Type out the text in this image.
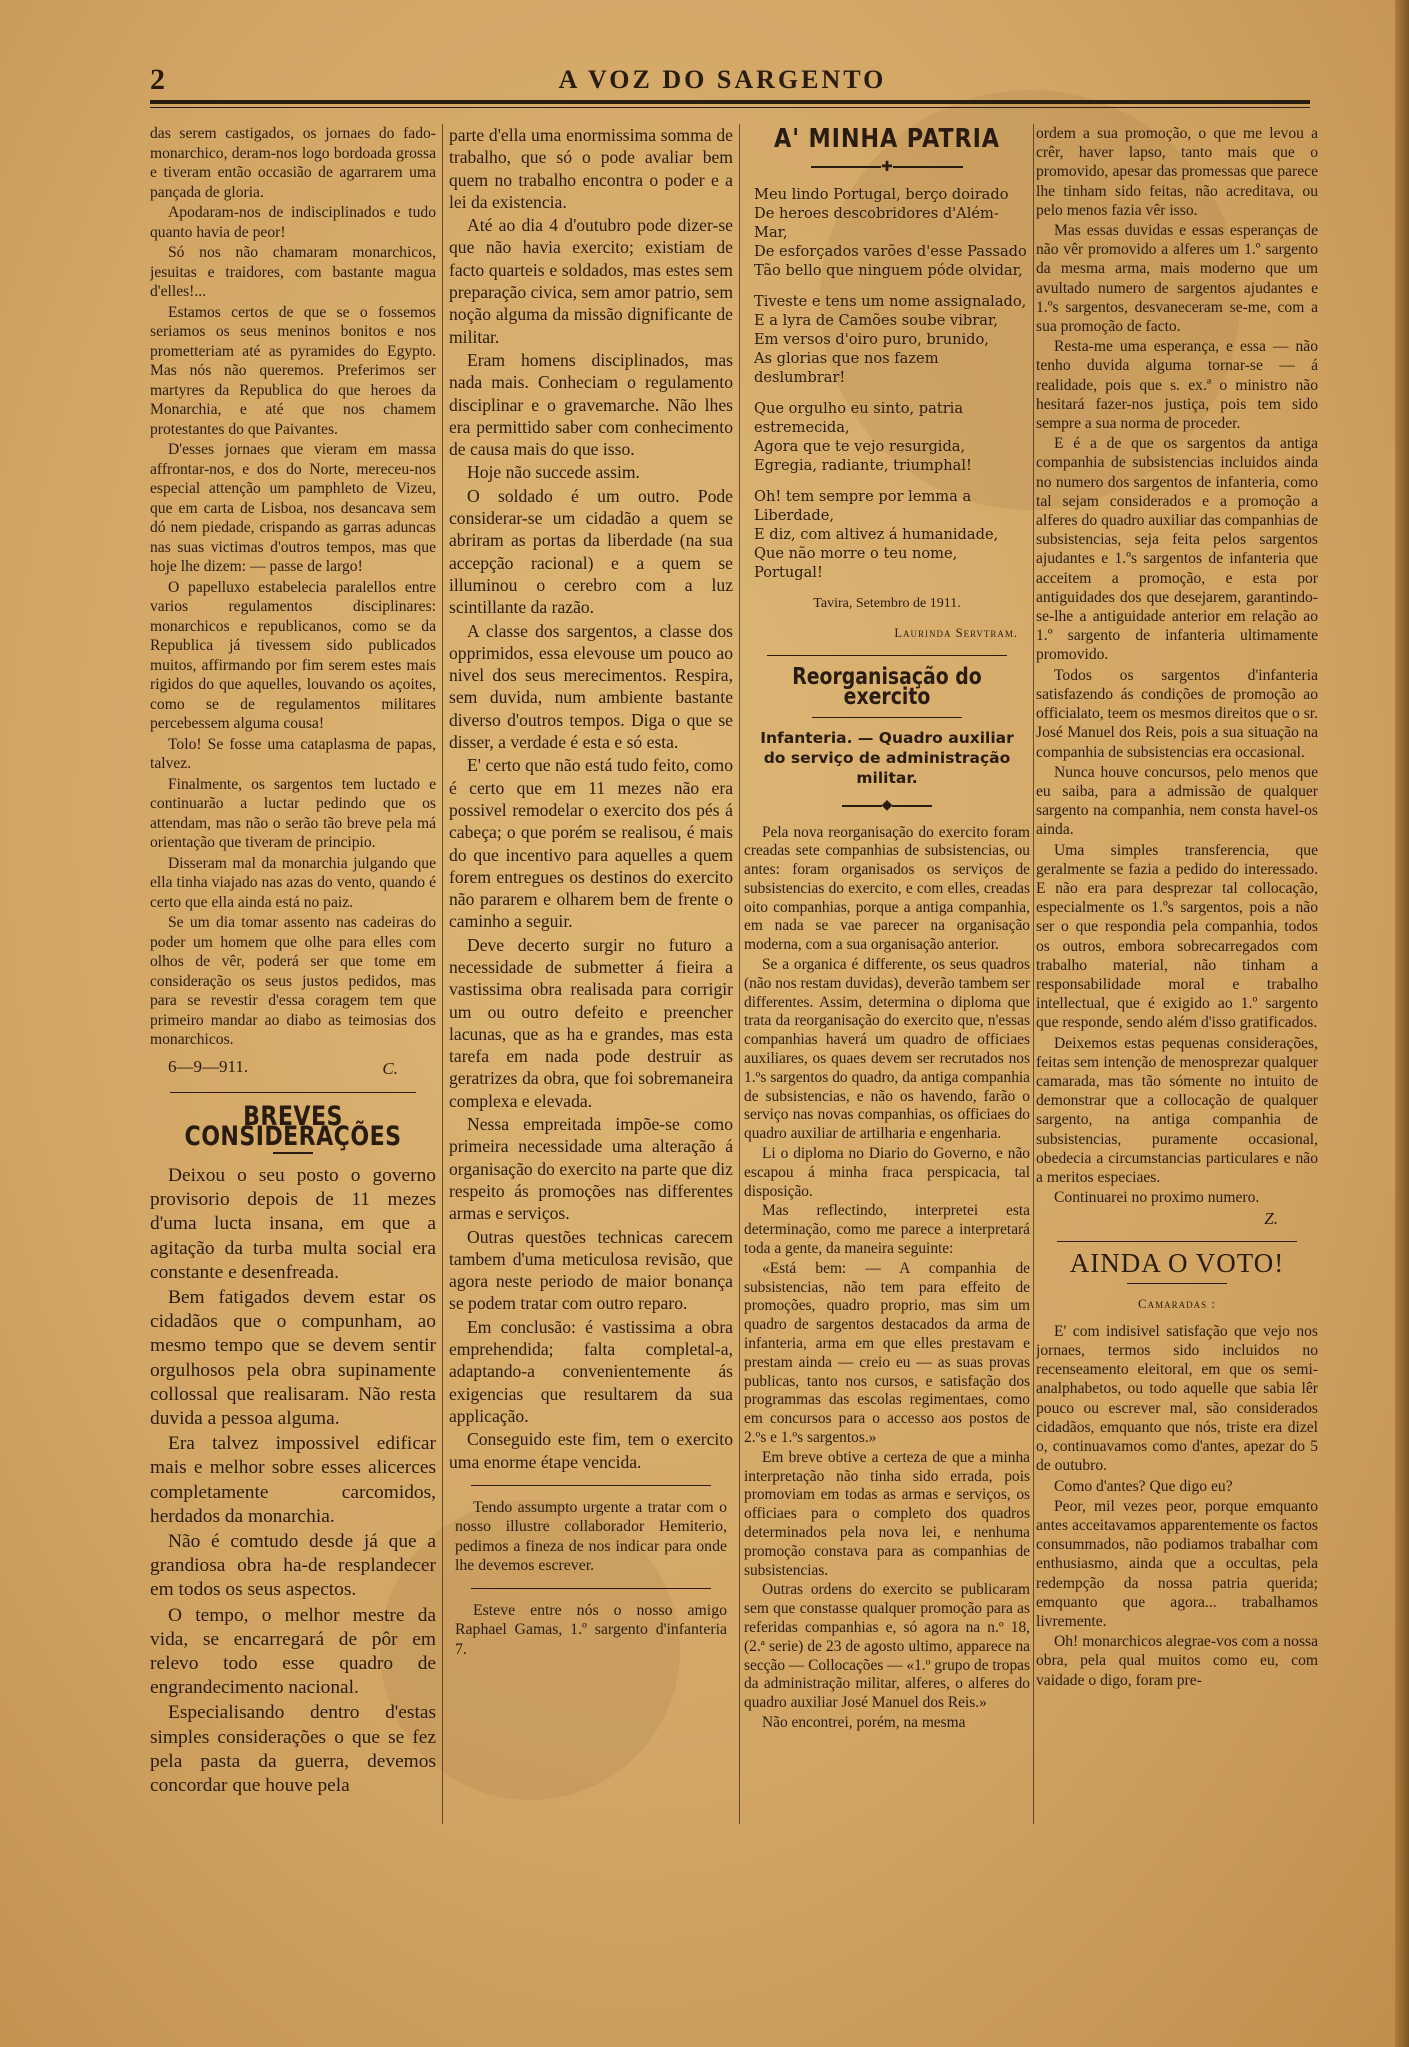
2	A VOZ DO SARGENTO

das serem castigados, os jornaes do fado-monarchico, deram-nos logo bordoada grossa e tiveram então occasião de agarrarem uma pançada de gloria.

Apodaram-nos de indisciplinados e tudo quanto havia de peor!

Só nos não chamaram monarchicos, jesuitas e traidores, com bastante magua d'elles!...

Estamos certos de que se o fossemos seriamos os seus meninos bonitos e nos prometteriam até as pyramides do Egypto. Mas nós não queremos. Preferimos ser martyres da Republica do que heroes da Monarchia, e até que nos chamem protestantes do que Paivantes.

D'esses jornaes que vieram em massa affrontar-nos, e dos do Norte, mereceu-nos especial attenção um pamphleto de Vizeu, que em carta de Lisboa, nos desancava sem dó nem piedade, crispando as garras aduncas nas suas victimas d'outros tempos, mas que hoje lhe dizem: — passe de largo!

O papelluxo estabelecia paralellos entre varios regulamentos disciplinares: monarchicos e republicanos, como se da Republica já tivessem sido publicados muitos, affirmando por fim serem estes mais rigidos do que aquelles, louvando os açoites, como se de regulamentos militares percebessem alguma cousa!

Tolo! Se fosse uma cataplasma de papas, talvez.

Finalmente, os sargentos tem luctado e continuarão a luctar pedindo que os attendam, mas não o serão tão breve pela má orientação que tiveram de principio.

Disseram mal da monarchia julgando que ella tinha viajado nas azas do vento, quando é certo que ella ainda está no paiz.

Se um dia tomar assento nas cadeiras do poder um homem que olhe para elles com olhos de vêr, poderá ser que tome em consideração os seus justos pedidos, mas para se revestir d'essa coragem tem que primeiro mandar ao diabo as teimosias dos monarchicos.

6—9—911.	C.
BREVES CONSIDERAÇÕES

Deixou o seu posto o governo provisorio depois de 11 mezes d'uma lucta insana, em que a agitação da turba multa social era constante e desenfreada.

Bem fatigados devem estar os cidadãos que o compunham, ao mesmo tempo que se devem sentir orgulhosos pela obra supinamente collossal que realisaram. Não resta duvida a pessoa alguma.

Era talvez impossivel edificar mais e melhor sobre esses alicerces completamente carcomidos, herdados da monarchia.

Não é comtudo desde já que a grandiosa obra ha-de resplandecer em todos os seus aspectos.

O tempo, o melhor mestre da vida, se encarregará de pôr em relevo todo esse quadro de engrandecimento nacional.

Especialisando dentro d'estas simples considerações o que se fez pela pasta da guerra, devemos concordar que houve pela

parte d'ella uma enormissima somma de trabalho, que só o pode avaliar bem quem no trabalho encontra o poder e a lei da existencia.

Até ao dia 4 d'outubro pode dizer-se que não havia exercito; existiam de facto quarteis e soldados, mas estes sem preparação civica, sem amor patrio, sem noção alguma da missão dignificante de militar.

Eram homens disciplinados, mas nada mais. Conheciam o regulamento disciplinar e o gravemarche. Não lhes era permittido saber com conhecimento de causa mais do que isso.

Hoje não succede assim.

O soldado é um outro. Pode considerar-se um cidadão a quem se abriram as portas da liberdade (na sua accepção racional) e a quem se illuminou o cerebro com a luz scintillante da razão.

A classe dos sargentos, a classe dos opprimidos, essa elevouse um pouco ao nivel dos seus merecimentos. Respira, sem duvida, num ambiente bastante diverso d'outros tempos. Diga o que se disser, a verdade é esta e só esta.

E' certo que não está tudo feito, como é certo que em 11 mezes não era possivel remodelar o exercito dos pés á cabeça; o que porém se realisou, é mais do que incentivo para aquelles a quem forem entregues os destinos do exercito não pararem e olharem bem de frente o caminho a seguir.

Deve decerto surgir no futuro a necessidade de submetter á fieira a vastissima obra realisada para corrigir um ou outro defeito e preencher lacunas, que as ha e grandes, mas esta tarefa em nada pode destruir as geratrizes da obra, que foi sobremaneira complexa e elevada.

Nessa empreitada impõe-se como primeira necessidade uma alteração á organisação do exercito na parte que diz respeito ás promoções nas differentes armas e serviços.

Outras questões technicas carecem tambem d'uma meticulosa revisão, que agora neste periodo de maior bonança se podem tratar com outro reparo.

Em conclusão: é vastissima a obra emprehendida; falta completal-a, adaptando-a convenientemente ás exigencias que resultarem da sua applicação.

Conseguido este fim, tem o exercito uma enorme étape vencida.

Tendo assumpto urgente a tratar com o nosso illustre collaborador Hemiterio, pedimos a fineza de nos indicar para onde lhe devemos escrever.

Esteve entre nós o nosso amigo Raphael Gamas, 1.º sargento d'infanteria 7.

A' MINHA PATRIA
✚
Meu lindo Portugal, berço doirado
De heroes descobridores d'Além-Mar,
De esforçados varões d'esse Passado
Tão bello que ninguem póde olvidar,
Tiveste e tens um nome assignalado,
E a lyra de Camões soube vibrar,
Em versos d'oiro puro, brunido,
As glorias que nos fazem deslumbrar!
Que orgulho eu sinto, patria estremecida,
Agora que te vejo resurgida,
Egregia, radiante, triumphal!
Oh! tem sempre por lemma a Liberdade,
E diz, com altivez á humanidade,
Que não morre o teu nome, Portugal!
Tavira, Setembro de 1911.
Laurinda Servtram.
Reorganisação do exercito
Infanteria. — Quadro auxiliar do serviço de administração militar.
◆

Pela nova reorganisação do exercito foram creadas sete companhias de subsistencias, ou antes: foram organisados os serviços de subsistencias do exercito, e com elles, creadas oito companhias, porque a antiga companhia, em nada se vae parecer na organisação moderna, com a sua organisação anterior.

Se a organica é differente, os seus quadros (não nos restam duvidas), deverão tambem ser differentes. Assim, determina o diploma que trata da reorganisação do exercito que, n'essas companhias haverá um quadro de officiaes auxiliares, os quaes devem ser recrutados nos 1.ºs sargentos do quadro, da antiga companhia de subsistencias, e não os havendo, farão o serviço nas novas companhias, os officiaes do quadro auxiliar de artilharia e engenharia.

Li o diploma no Diario do Governo, e não escapou á minha fraca perspicacia, tal disposição.

Mas reflectindo, interpretei esta determinação, como me parece a interpretará toda a gente, da maneira seguinte:

«Está bem: — A companhia de subsistencias, não tem para effeito de promoções, quadro proprio, mas sim um quadro de sargentos destacados da arma de infanteria, arma em que elles prestavam e prestam ainda — creio eu — as suas provas publicas, tanto nos cursos, e satisfação dos programmas das escolas regimentaes, como em concursos para o accesso aos postos de 2.ºs e 1.ºs sargentos.»

Em breve obtive a certeza de que a minha interpretação não tinha sido errada, pois promoviam em todas as armas e serviços, os officiaes para o completo dos quadros determinados pela nova lei, e nenhuma promoção constava para as companhias de subsistencias.

Outras ordens do exercito se publicaram sem que constasse qualquer promoção para as referidas companhias e, só agora na n.º 18, (2.ª serie) de 23 de agosto ultimo, apparece na secção — Collocações — «1.º grupo de tropas da administração militar, alferes, o alferes do quadro auxiliar José Manuel dos Reis.»

Não encontrei, porém, na mesma

ordem a sua promoção, o que me levou a crêr, haver lapso, tanto mais que o promovido, apesar das promessas que parece lhe tinham sido feitas, não acreditava, ou pelo menos fazia vêr isso.

Mas essas duvidas e essas esperanças de não vêr promovido a alferes um 1.º sargento da mesma arma, mais moderno que um avultado numero de sargentos ajudantes e 1.ºs sargentos, desvaneceram se-me, com a sua promoção de facto.

Resta-me uma esperança, e essa — não tenho duvida alguma tornar-se — á realidade, pois que s. ex.ª o ministro não hesitará fazer-nos justiça, pois tem sido sempre a sua norma de proceder.

E é a de que os sargentos da antiga companhia de subsistencias incluidos ainda no numero dos sargentos de infanteria, como tal sejam considerados e a promoção a alferes do quadro auxiliar das companhias de subsistencias, seja feita pelos sargentos ajudantes e 1.ºs sargentos de infanteria que acceitem a promoção, e esta por antiguidades dos que desejarem, garantindo-se-lhe a antiguidade anterior em relação ao 1.º sargento de infanteria ultimamente promovido.

Todos os sargentos d'infanteria satisfazendo ás condições de promoção ao officialato, teem os mesmos direitos que o sr. José Manuel dos Reis, pois a sua situação na companhia de subsistencias era occasional.

Nunca houve concursos, pelo menos que eu saiba, para a admissão de qualquer sargento na companhia, nem consta havel-os ainda.

Uma simples transferencia, que geralmente se fazia a pedido do interessado. E não era para desprezar tal collocação, especialmente os 1.ºs sargentos, pois a não ser o que respondia pela companhia, todos os outros, embora sobrecarregados com trabalho material, não tinham a responsabilidade moral e trabalho intellectual, que é exigido ao 1.º sargento que responde, sendo além d'isso gratificados.

Deixemos estas pequenas considerações, feitas sem intenção de menosprezar qualquer camarada, mas tão sómente no intuito de demonstrar que a collocação de qualquer sargento, na antiga companhia de subsistencias, puramente occasional, obedecia a circumstancias particulares e não a meritos especiaes.

Continuarei no proximo numero.

Z.
AINDA O VOTO!
Camaradas :

E' com indisivel satisfação que vejo nos jornaes, termos sido incluidos no recenseamento eleitoral, em que os semi-analphabetos, ou todo aquelle que sabia lêr pouco ou escrever mal, são considerados cidadãos, emquanto que nós, triste era dizel o, continuavamos como d'antes, apezar do 5 de outubro.

Como d'antes? Que digo eu?

Peor, mil vezes peor, porque emquanto antes acceitavamos apparentemente os factos consummados, não podiamos trabalhar com enthusiasmo, ainda que a occultas, pela redempção da nossa patria querida; emquanto que agora... trabalhamos livremente.

Oh! monarchicos alegrae-vos com a nossa obra, pela qual muitos como eu, com vaidade o digo, foram pre-
